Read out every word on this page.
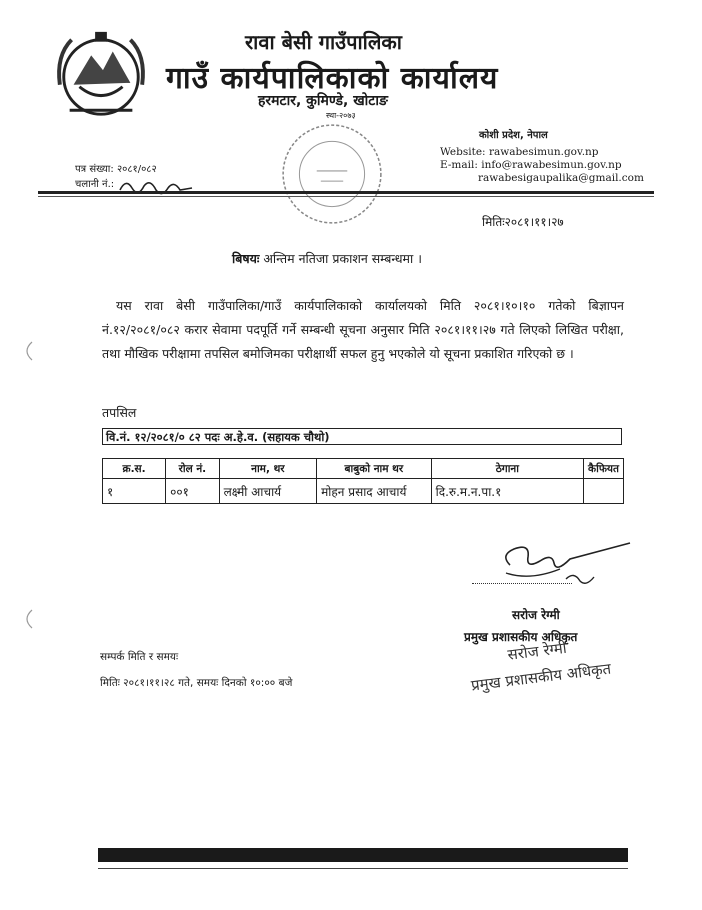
रावा बेसी गाउँपालिका
गाउँ कार्यपालिकाको कार्यालय
हरमटार, कुमिण्डे, खोटाङ
स्था-२०७३
कोशी प्रदेश, नेपाल
Website: rawabesimun.gov.np
E-mail: info@rawabesimun.gov.np
rawabesigaupalika@gmail.com
पत्र संख्या: २०८१/०८२
चलानी नं.:
मितिः२०८१।११।२७
बिषयः अन्तिम नतिजा प्रकाशन सम्बन्धमा ।

यस रावा बेसी गाउँपालिका/गाउँ कार्यपालिकाको कार्यालयको मिति २०८१।१०।१० गतेको बिज्ञापन नं.१२/२०८१/०८२ करार सेवामा पदपूर्ति गर्ने सम्बन्धी सूचना अनुसार मिति २०८१।११।२७ गते लिएको लिखित परीक्षा, तथा मौखिक परीक्षामा तपसिल बमोजिमका परीक्षार्थी सफल हुनु भएकोले यो सूचना प्रकाशित गरिएको छ ।

तपसिल
वि.नं. १२/२०८१/० ८२ पदः अ.हे.व. (सहायक चौथो)
क्र.स.	रोल नं.	नाम, थर	बाबुको नाम थर	ठेगाना	कैफियत
१	००१	लक्ष्मी आचार्य	मोहन प्रसाद आचार्य	दि.रु.म.न.पा.१	
सरोज रेग्मी
प्रमुख प्रशासकीय अधिकृत
सरोज रेग्मी
प्रमुख प्रशासकीय अधिकृत
सम्पर्क मिति र समयः
मितिः २०८१।११।२८ गते, समयः दिनको १०:०० बजे
